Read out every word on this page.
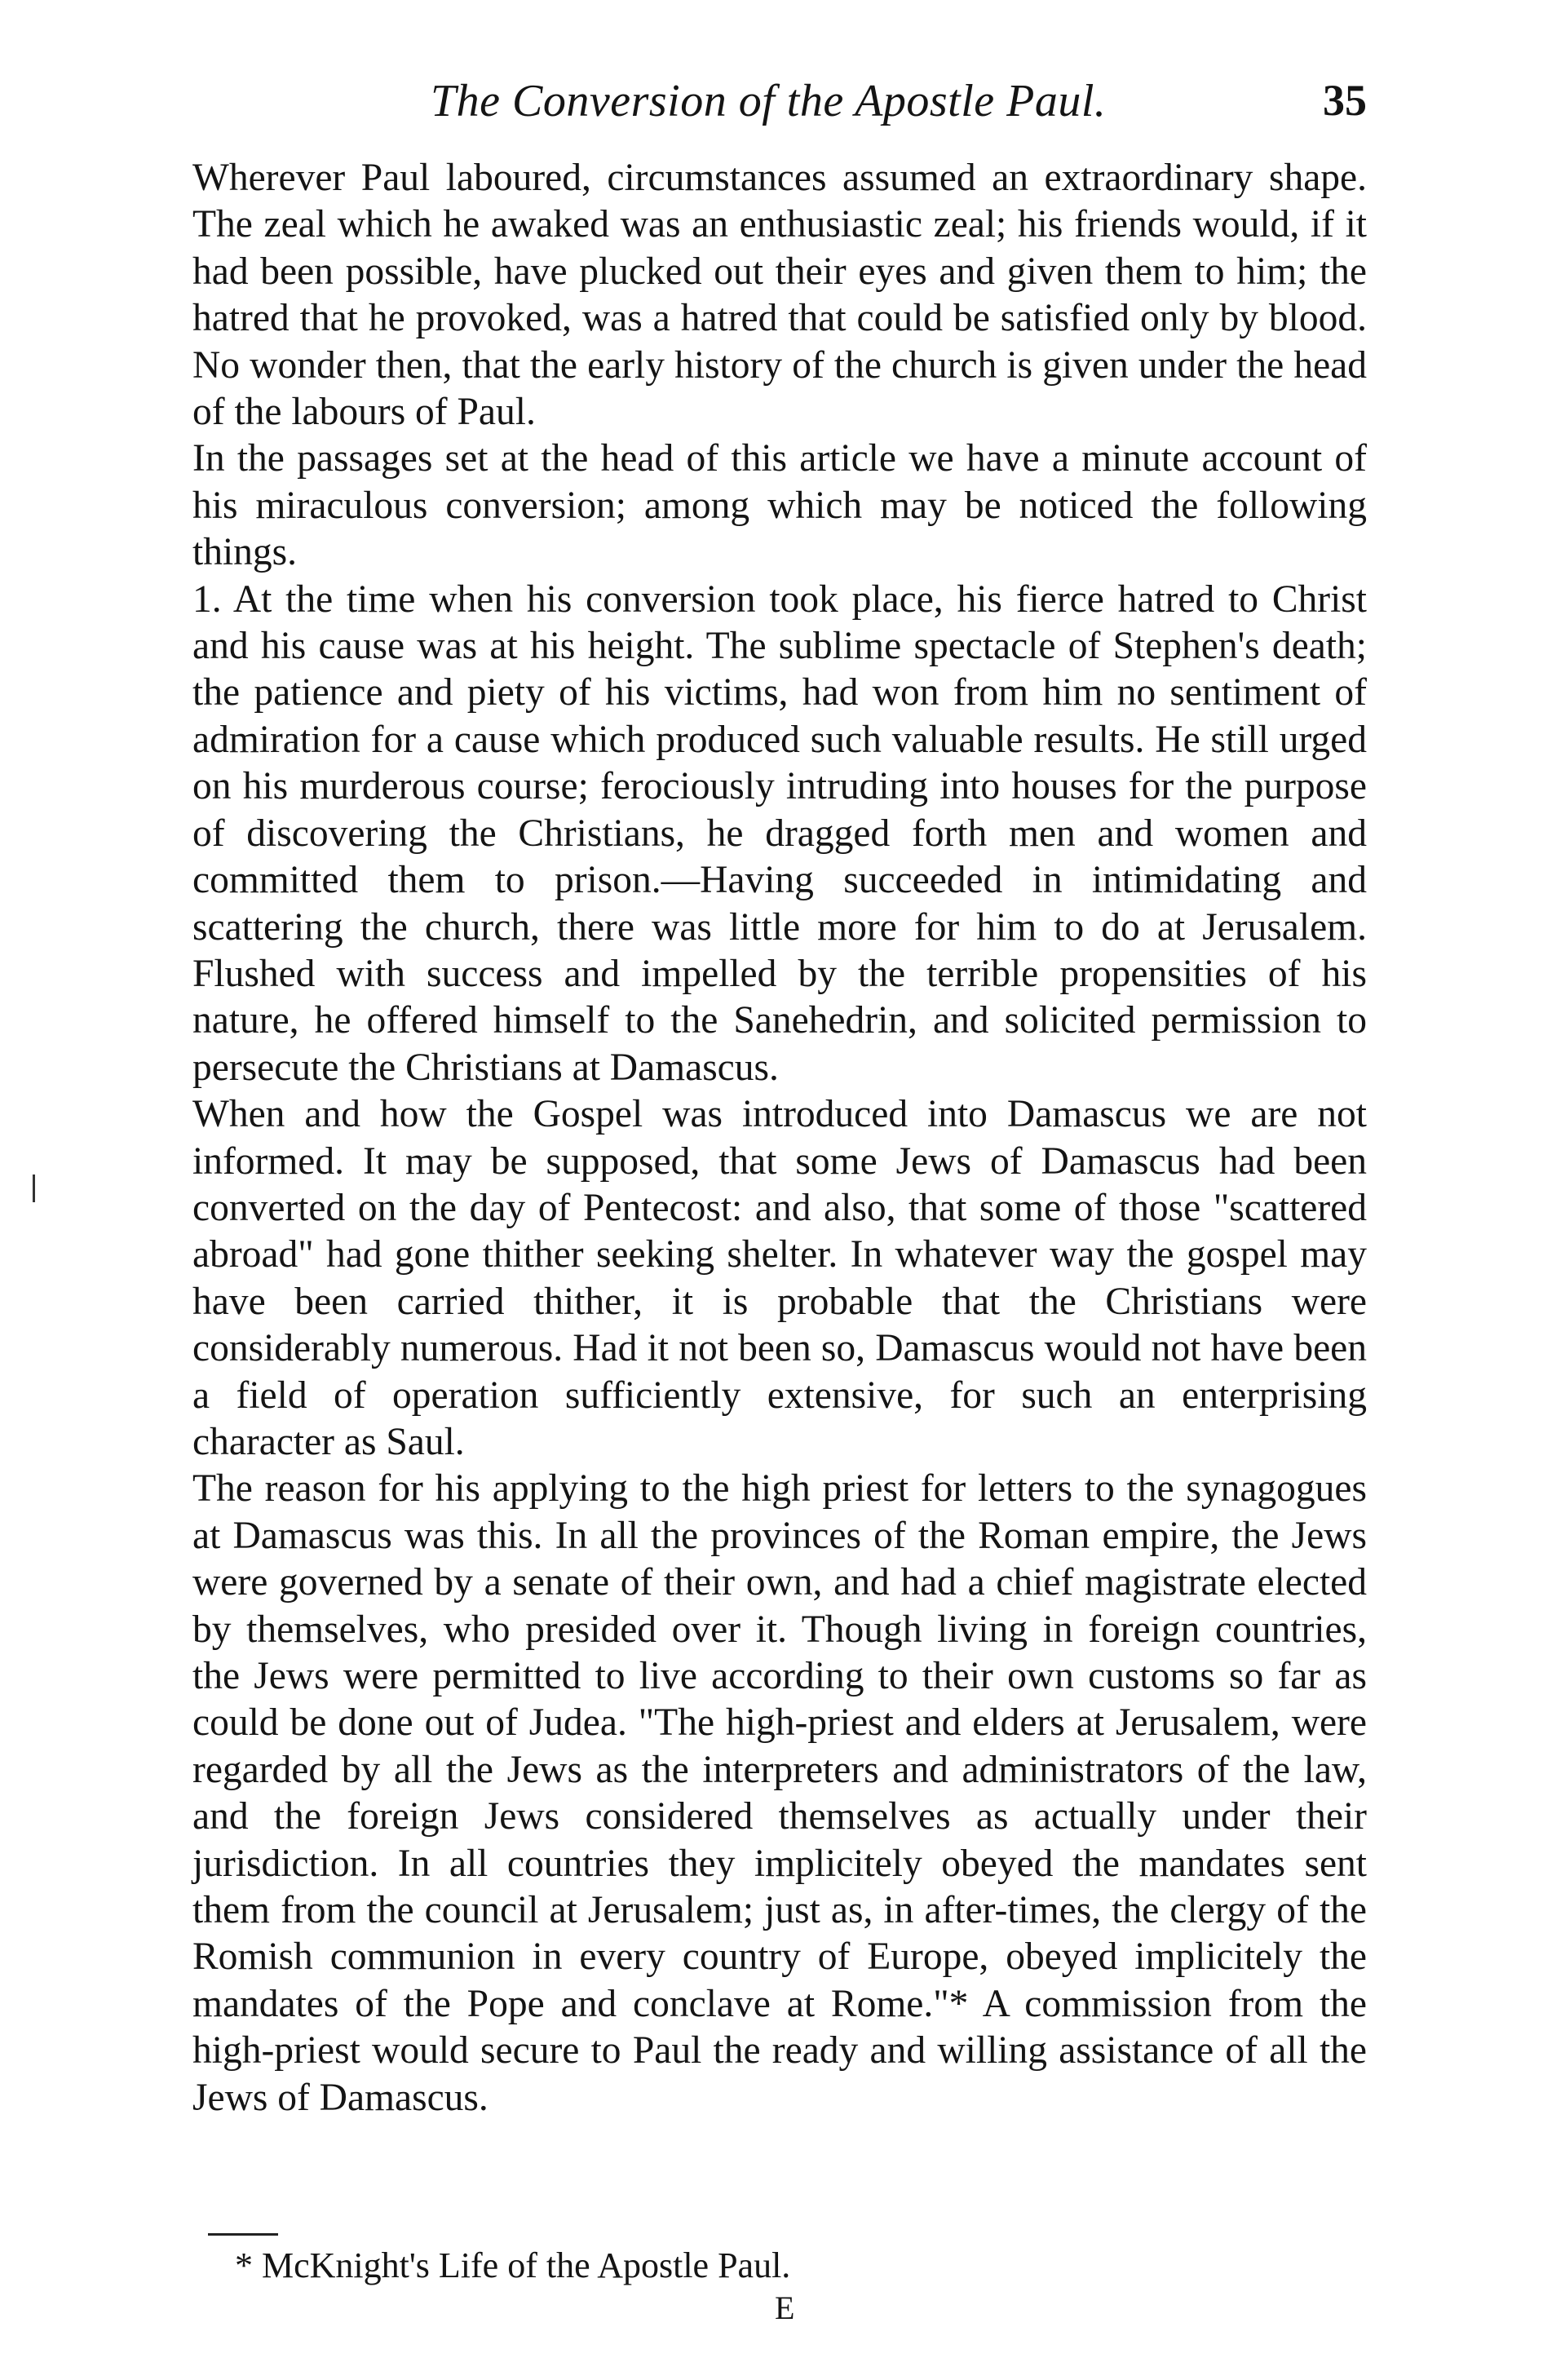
The Conversion of the Apostle Paul.	35

Wherever Paul laboured, circumstances assumed an extraordinary shape. The zeal which he awaked was an enthusiastic zeal; his friends would, if it had been possible, have plucked out their eyes and given them to him; the hatred that he provoked, was a hatred that could be satisfied only by blood. No wonder then, that the early history of the church is given under the head of the labours of Paul.

In the passages set at the head of this article we have a minute account of his miraculous conversion; among which may be noticed the following things.

1. At the time when his conversion took place, his fierce hatred to Christ and his cause was at his height. The sublime spectacle of Stephen's death; the patience and piety of his victims, had won from him no sentiment of admiration for a cause which produced such valuable results. He still urged on his murderous course; ferociously intruding into houses for the purpose of discovering the Christians, he dragged forth men and women and committed them to prison.—Having succeeded in intimidating and scattering the church, there was little more for him to do at Jerusalem. Flushed with success and impelled by the terrible propensities of his nature, he offered himself to the Sanehedrin, and solicited permission to persecute the Christians at Damascus.

When and how the Gospel was introduced into Damascus we are not informed. It may be supposed, that some Jews of Damascus had been converted on the day of Pentecost: and also, that some of those "scattered abroad" had gone thither seeking shelter. In whatever way the gospel may have been carried thither, it is probable that the Christians were considerably numerous. Had it not been so, Damascus would not have been a field of operation sufficiently extensive, for such an enterprising character as Saul.

The reason for his applying to the high priest for letters to the synagogues at Damascus was this. In all the provinces of the Roman empire, the Jews were governed by a senate of their own, and had a chief magistrate elected by themselves, who presided over it. Though living in foreign countries, the Jews were permitted to live according to their own customs so far as could be done out of Judea. "The high-priest and elders at Jerusalem, were regarded by all the Jews as the interpreters and administrators of the law, and the foreign Jews considered themselves as actually under their jurisdiction. In all countries they implicitely obeyed the mandates sent them from the council at Jerusalem; just as, in after-times, the clergy of the Romish communion in every country of Europe, obeyed implicitely the mandates of the Pope and conclave at Rome."* A commission from the high-priest would secure to Paul the ready and willing assistance of all the Jews of Damascus.

* McKnight's Life of the Apostle Paul.
E
